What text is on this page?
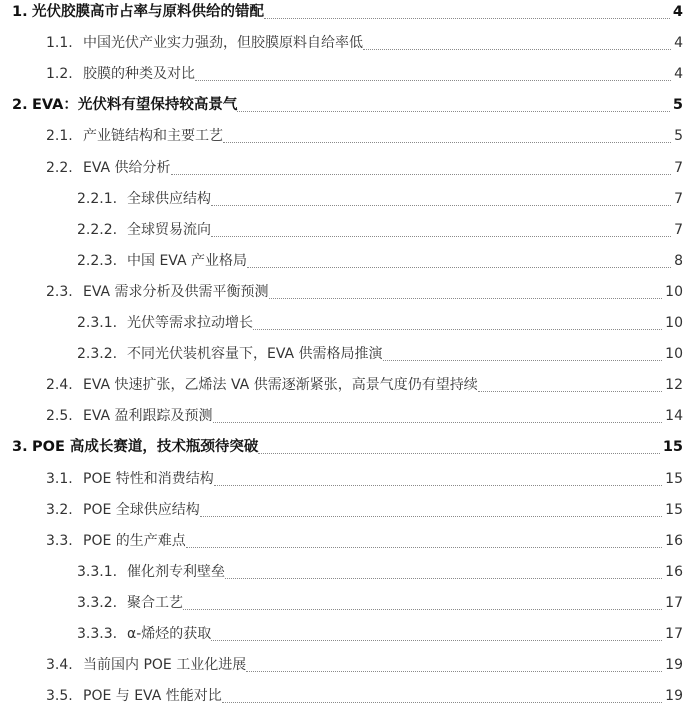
1. 光伏胶膜高市占率与原料供给的错配	4
1.1. 中国光伏产业实力强劲，但胶膜原料自给率低	4
1.2. 胶膜的种类及对比	4
2. EVA：光伏料有望保持较高景气	5
2.1. 产业链结构和主要工艺	5
2.2. EVA 供给分析	7
2.2.1. 全球供应结构	7
2.2.2. 全球贸易流向	7
2.2.3. 中国 EVA 产业格局	8
2.3. EVA 需求分析及供需平衡预测	10
2.3.1. 光伏等需求拉动增长	10
2.3.2. 不同光伏装机容量下，EVA 供需格局推演	10
2.4. EVA 快速扩张，乙烯法 VA 供需逐渐紧张，高景气度仍有望持续	12
2.5. EVA 盈利跟踪及预测	14
3. POE 高成长赛道，技术瓶颈待突破	15
3.1. POE 特性和消费结构	15
3.2. POE 全球供应结构	15
3.3. POE 的生产难点	16
3.3.1. 催化剂专利壁垒	16
3.3.2. 聚合工艺	17
3.3.3. α-烯烃的获取	17
3.4. 当前国内 POE 工业化进展	19
3.5. POE 与 EVA 性能对比	19
